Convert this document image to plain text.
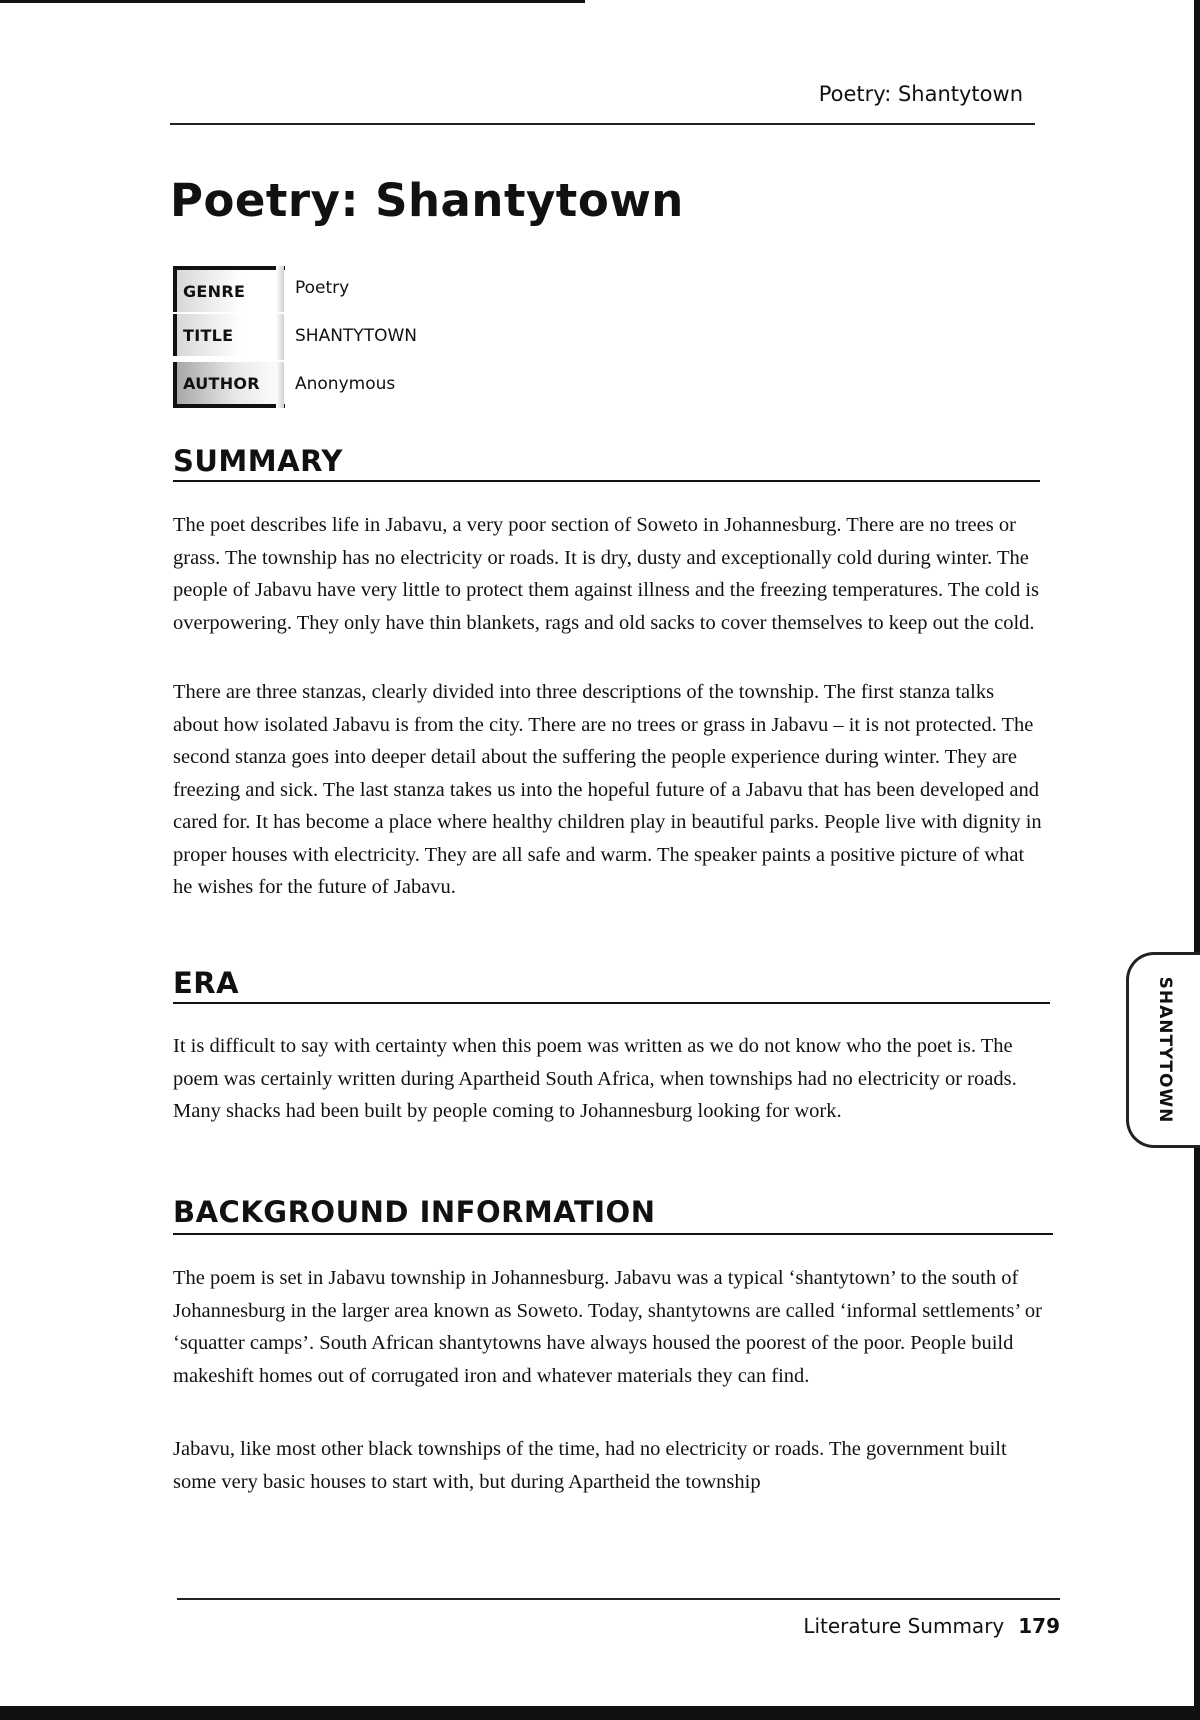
Poetry: Shantytown
Poetry: Shantytown
GENRE	Poetry
TITLE	SHANTYTOWN
AUTHOR Anonymous
SUMMARY

The poet describes life in Jabavu, a very poor section of Soweto in Johannesburg. There are no trees or grass. The township has no electricity or roads. It is dry, dusty and exceptionally cold during winter. The people of Jabavu have very little to protect them against illness and the freezing temperatures. The cold is overpowering. They only have thin blankets, rags and old sacks to cover themselves to keep out the cold.

There are three stanzas, clearly divided into three descriptions of the township. The first stanza talks about how isolated Jabavu is from the city. There are no trees or grass in Jabavu – it is not protected. The second stanza goes into deeper detail about the suffering the people experience during winter. They are freezing and sick. The last stanza takes us into the hopeful future of a Jabavu that has been developed and cared for. It has become a place where healthy children play in beautiful parks. People live with dignity in proper houses with electricity. They are all safe and warm. The speaker paints a positive picture of what he wishes for the future of Jabavu.

ERA

It is difficult to say with certainty when this poem was written as we do not know who the poet is. The poem was certainly written during Apartheid South Africa, when townships had no electricity or roads. Many shacks had been built by people coming to Johannesburg looking for work.

BACKGROUND INFORMATION

The poem is set in Jabavu township in Johannesburg. Jabavu was a typical ‘shantytown’ to the south of Johannesburg in the larger area known as Soweto. Today, shantytowns are called ‘informal settlements’ or ‘squatter camps’. South African shantytowns have always housed the poorest of the poor. People build makeshift homes out of corrugated iron and whatever materials they can find.

Jabavu, like most other black townships of the time, had no electricity or roads. The government built some very basic houses to start with, but during Apartheid the township

SHANTYTOWN
Literature Summary 179
